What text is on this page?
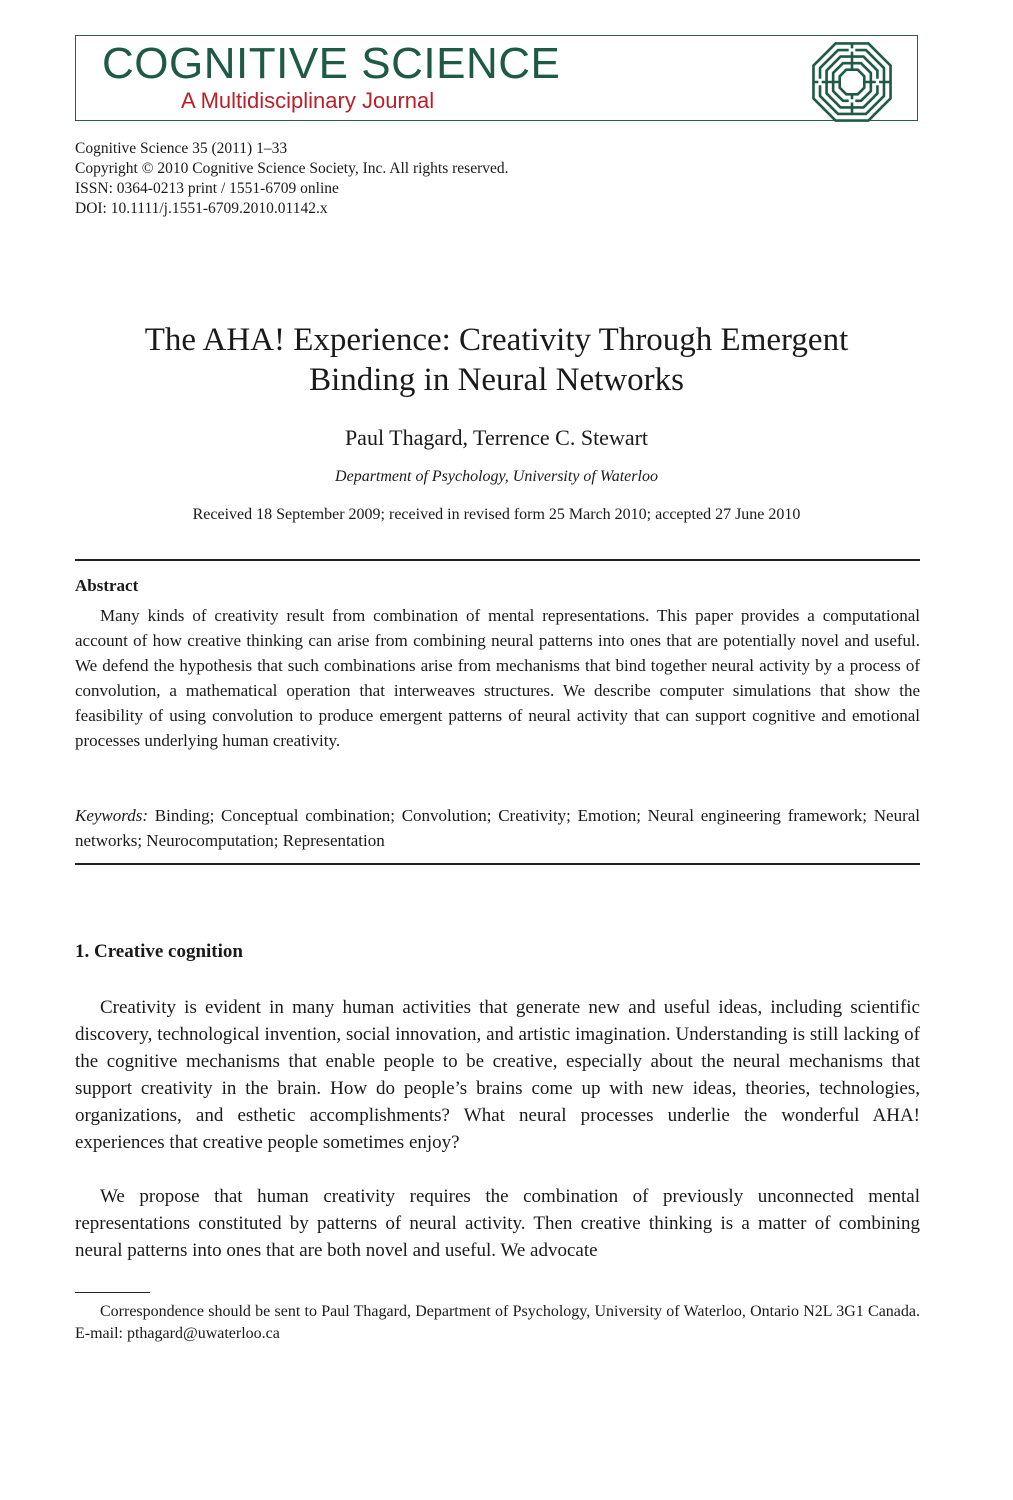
COGNITIVE SCIENCE
A Multidisciplinary Journal
Cognitive Science 35 (2011) 1–33
Copyright © 2010 Cognitive Science Society, Inc. All rights reserved.
ISSN: 0364-0213 print / 1551-6709 online
DOI: 10.1111/j.1551-6709.2010.01142.x
The AHA! Experience: Creativity Through Emergent
Binding in Neural Networks
Paul Thagard, Terrence C. Stewart
Department of Psychology, University of Waterloo
Received 18 September 2009; received in revised form 25 March 2010; accepted 27 June 2010
Abstract

Many kinds of creativity result from combination of mental representations. This paper provides a computational account of how creative thinking can arise from combining neural patterns into ones that are potentially novel and useful. We defend the hypothesis that such combinations arise from mechanisms that bind together neural activity by a process of convolution, a mathematical operation that interweaves structures. We describe computer simulations that show the feasibility of using convolution to produce emergent patterns of neural activity that can support cognitive and emotional processes underlying human creativity.

Keywords: Binding; Conceptual combination; Convolution; Creativity; Emotion; Neural engineering framework; Neural networks; Neurocomputation; Representation

1. Creative cognition

Creativity is evident in many human activities that generate new and useful ideas, including scientific discovery, technological invention, social innovation, and artistic imagination. Understanding is still lacking of the cognitive mechanisms that enable people to be creative, especially about the neural mechanisms that support creativity in the brain. How do people’s brains come up with new ideas, theories, technologies, organizations, and esthetic accomplishments? What neural processes underlie the wonderful AHA! experiences that creative people sometimes enjoy?

We propose that human creativity requires the combination of previously unconnected mental representations constituted by patterns of neural activity. Then creative thinking is a matter of combining neural patterns into ones that are both novel and useful. We advocate

Correspondence should be sent to Paul Thagard, Department of Psychology, University of Waterloo, Ontario N2L 3G1 Canada. E-mail: pthagard@uwaterloo.ca
